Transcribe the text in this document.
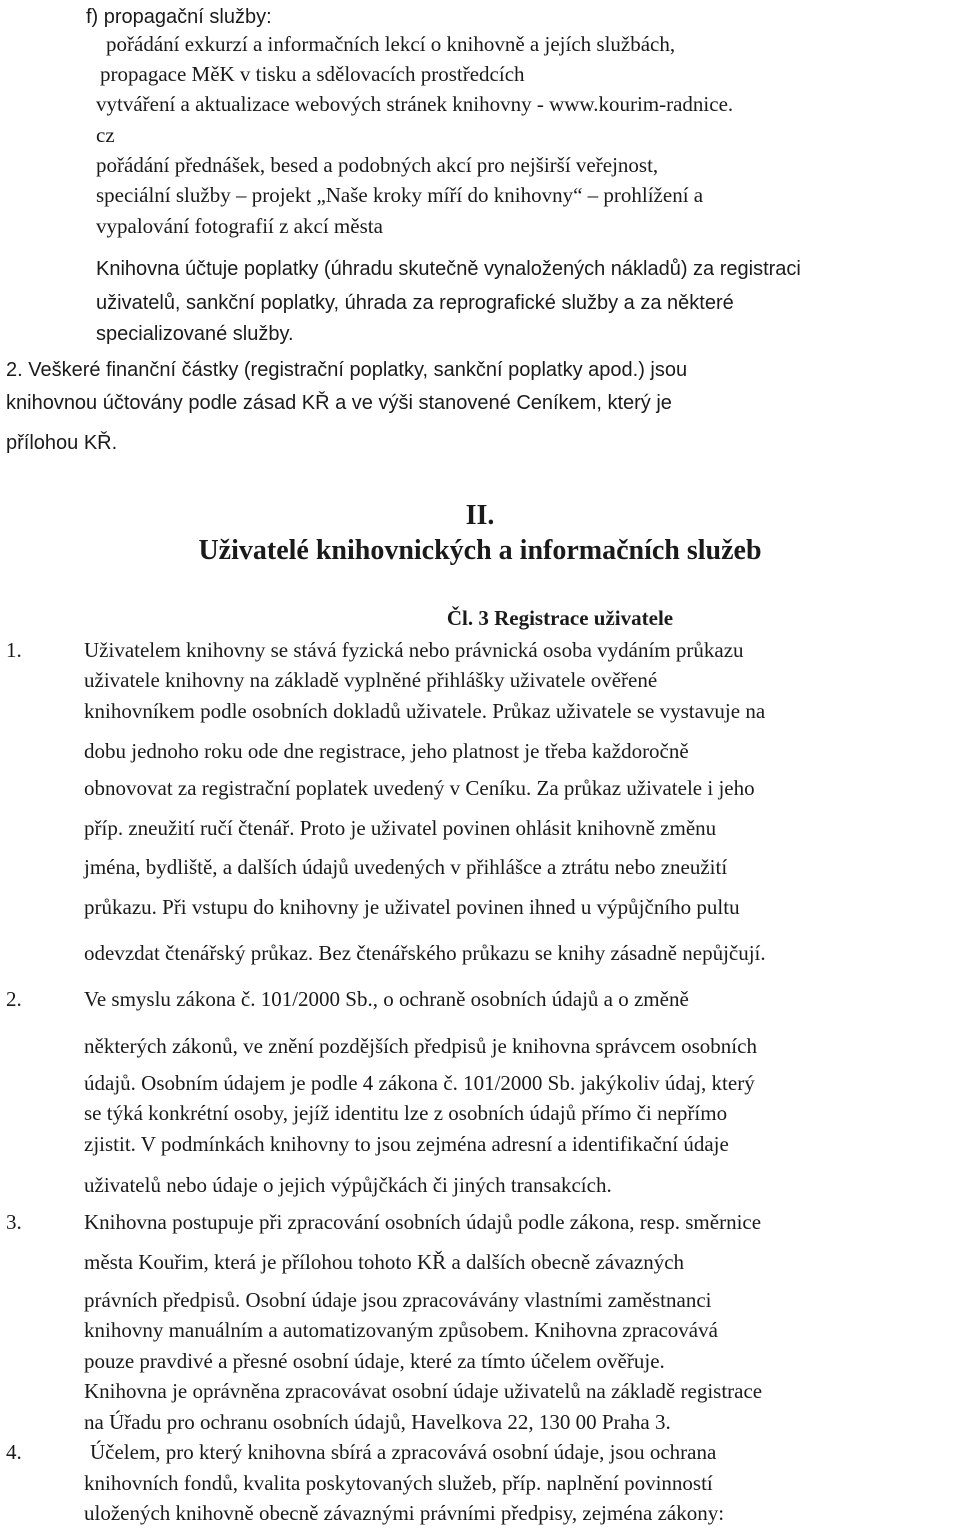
f) propagační služby:
pořádání exkurzí a informačních lekcí o knihovně a jejích službách,
propagace MěK v tisku a sdělovacích prostředcích
vytváření a aktualizace webových stránek knihovny - www.kourim-radnice.
cz
pořádání přednášek, besed a podobných akcí pro nejširší veřejnost,
speciální služby – projekt „Naše kroky míří do knihovny“ – prohlížení a
vypalování fotografií z akcí města
Knihovna účtuje poplatky (úhradu skutečně vynaložených nákladů) za registraci
uživatelů, sankční poplatky, úhrada za reprografické služby a za některé
specializované služby.
2. Veškeré finanční částky (registrační poplatky, sankční poplatky apod.) jsou
knihovnou účtovány podle zásad KŘ a ve výši stanovené Ceníkem, který je
přílohou KŘ.
II.
Uživatelé knihovnických a informačních služeb
Čl. 3 Registrace uživatele
1.	Uživatelem knihovny se stává fyzická nebo právnická osoba vydáním průkazu
uživatele knihovny na základě vyplněné přihlášky uživatele ověřené
knihovníkem podle osobních dokladů uživatele. Průkaz uživatele se vystavuje na
dobu jednoho roku ode dne registrace, jeho platnost je třeba každoročně
obnovovat za registrační poplatek uvedený v Ceníku. Za průkaz uživatele i jeho
příp. zneužití ručí čtenář. Proto je uživatel povinen ohlásit knihovně změnu
jména, bydliště, a dalších údajů uvedených v přihlášce a ztrátu nebo zneužití
průkazu. Při vstupu do knihovny je uživatel povinen ihned u výpůjčního pultu
odevzdat čtenářský průkaz. Bez čtenářského průkazu se knihy zásadně nepůjčují.
2.	Ve smyslu zákona č. 101/2000 Sb., o ochraně osobních údajů a o změně
některých zákonů, ve znění pozdějších předpisů je knihovna správcem osobních
údajů. Osobním údajem je podle 4 zákona č. 101/2000 Sb. jakýkoliv údaj, který
se týká konkrétní osoby, jejíž identitu lze z osobních údajů přímo či nepřímo
zjistit. V podmínkách knihovny to jsou zejména adresní a identifikační údaje
uživatelů nebo údaje o jejich výpůjčkách či jiných transakcích.
3.	Knihovna postupuje při zpracování osobních údajů podle zákona, resp. směrnice
města Kouřim, která je přílohou tohoto KŘ a dalších obecně závazných
právních předpisů. Osobní údaje jsou zpracovávány vlastními zaměstnanci
knihovny manuálním a automatizovaným způsobem. Knihovna zpracovává
pouze pravdivé a přesné osobní údaje, které za tímto účelem ověřuje.
Knihovna je oprávněna zpracovávat osobní údaje uživatelů na základě registrace
na Úřadu pro ochranu osobních údajů, Havelkova 22, 130 00 Praha 3.
4.	Účelem, pro který knihovna sbírá a zpracovává osobní údaje, jsou ochrana
knihovních fondů, kvalita poskytovaných služeb, příp. naplnění povinností
uložených knihovně obecně závaznými právními předpisy, zejména zákony:
